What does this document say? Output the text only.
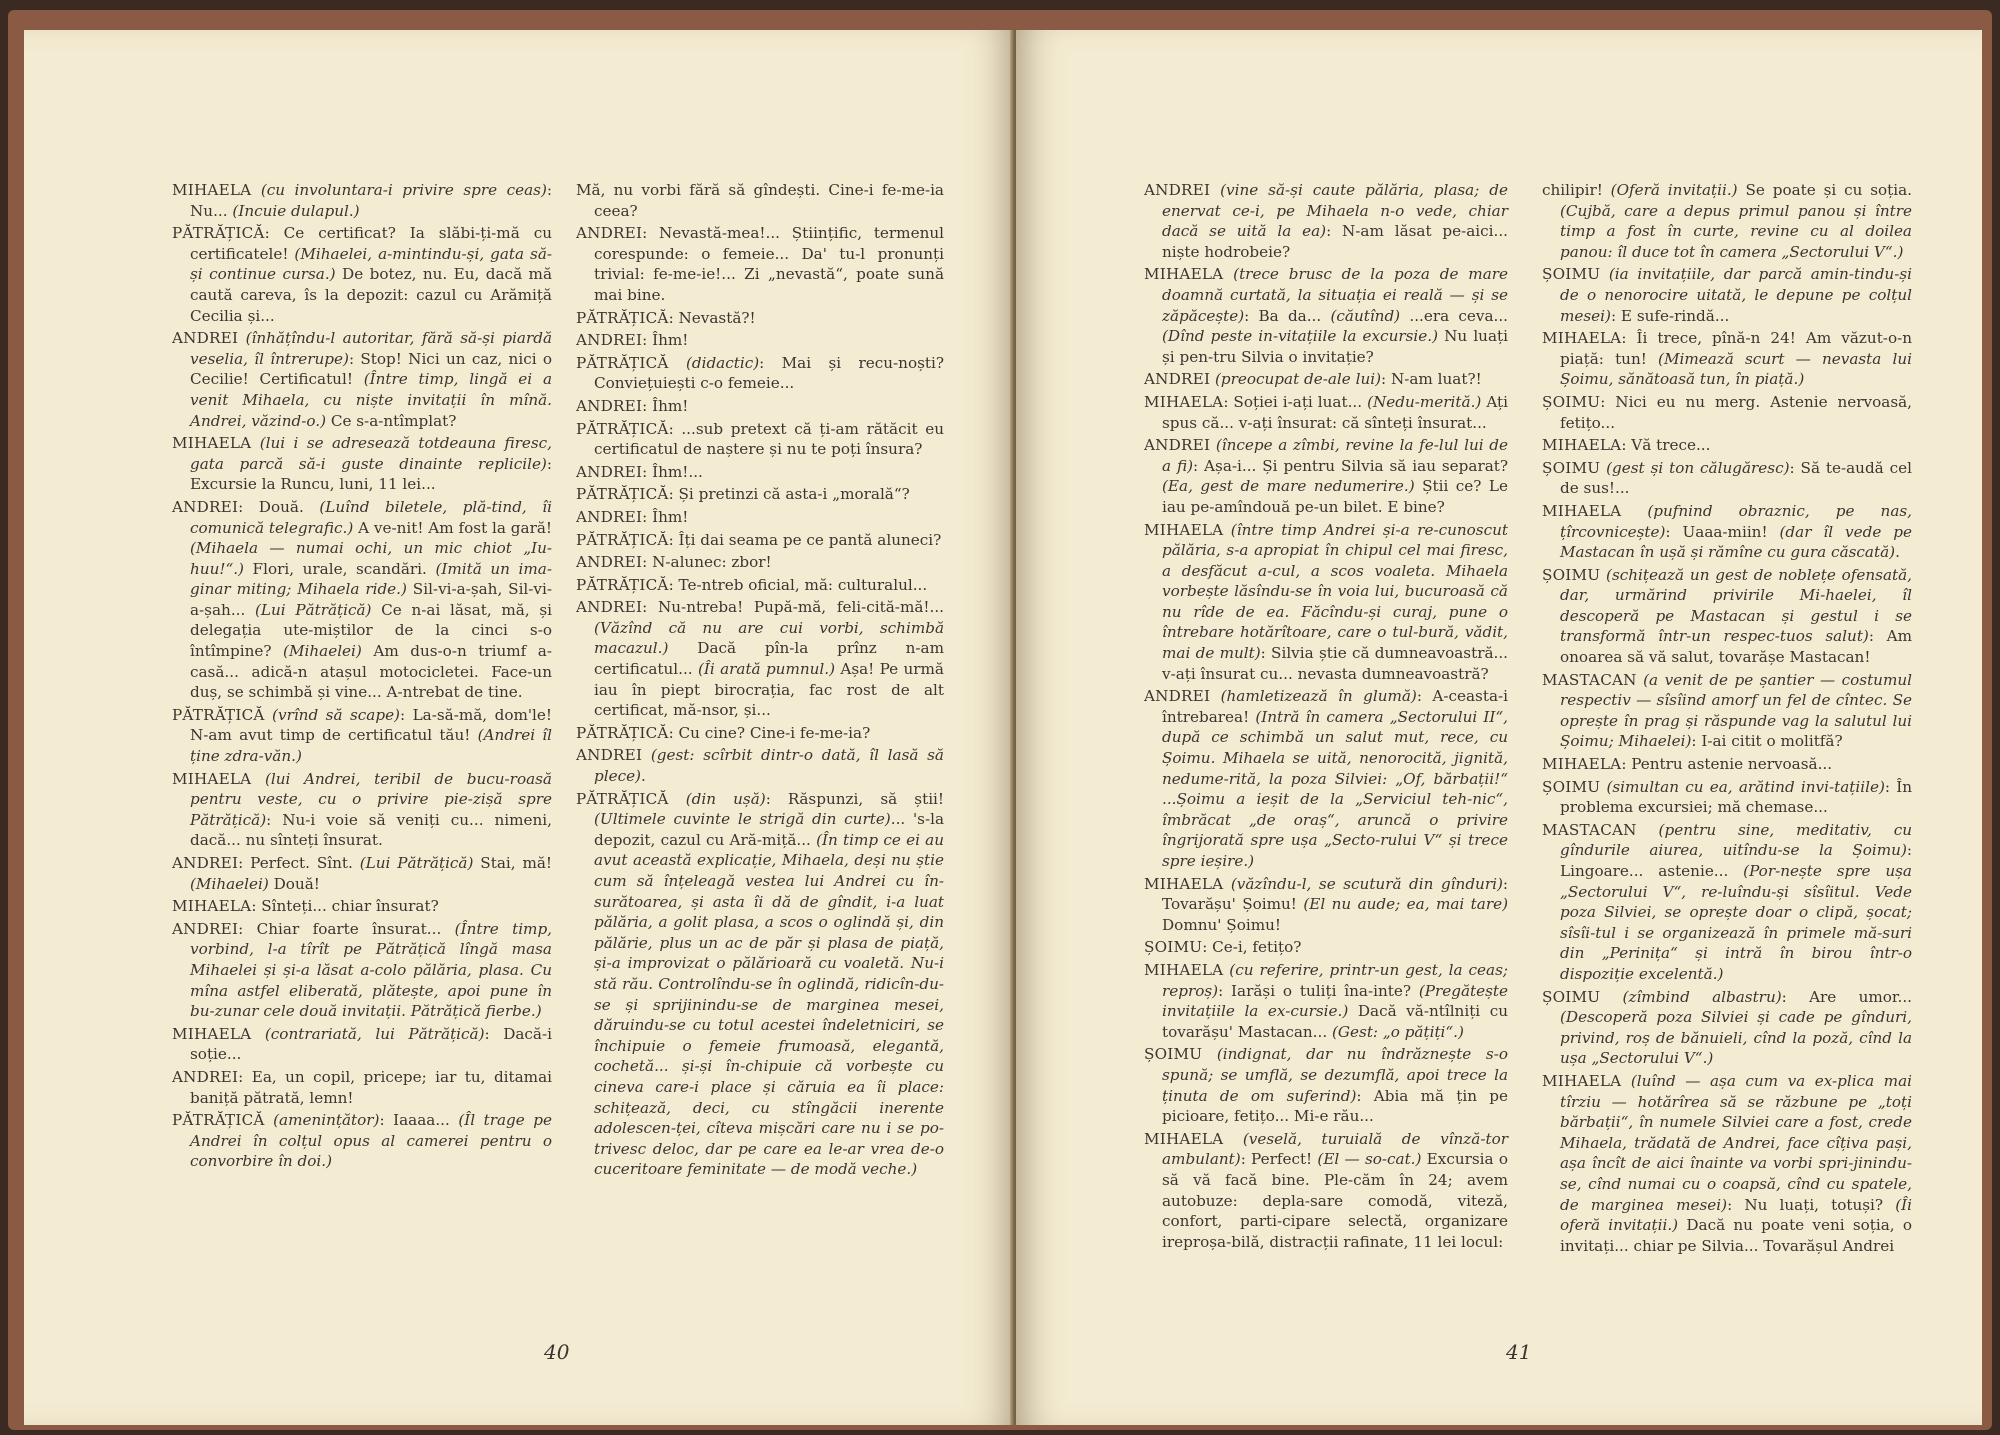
MIHAELA (cu involuntara-i privire spre ceas): Nu... (Incuie dulapul.)
PĂTRĂȚICĂ: Ce certificat? Ia slăbi-ți-mă cu certificatele! (Mihaelei, a-mintindu-și, gata să-și continue cursa.) De botez, nu. Eu, dacă mă caută careva, îs la depozit: cazul cu Arămiță Cecilia și...
ANDREI (înhățîndu-l autoritar, fără să-și piardă veselia, îl întrerupe): Stop! Nici un caz, nici o Cecilie! Certificatul! (Între timp, lingă ei a venit Mihaela, cu niște invitații în mînă. Andrei, văzind-o.) Ce s-a-ntîmplat?
MIHAELA (lui i se adresează totdeauna firesc, gata parcă să-i guste dinainte replicile): Excursie la Runcu, luni, 11 lei...
ANDREI: Două. (Luînd biletele, plă-tind, îi comunică telegrafic.) A ve-nit! Am fost la gară! (Mihaela — numai ochi, un mic chiot „Iu-huu!“.) Flori, urale, scandări. (Imită un ima-ginar miting; Mihaela ride.) Sil-vi-a-șah, Sil-vi-a-șah... (Lui Pătrățică) Ce n-ai lăsat, mă, și delegația ute-miștilor de la cinci s-o întîmpine? (Mihaelei) Am dus-o-n triumf a-casă... adică-n atașul motocicletei. Face-un duș, se schimbă și vine... A-ntrebat de tine.
PĂTRĂȚICĂ (vrînd să scape): La-să-mă, dom'le! N-am avut timp de certificatul tău! (Andrei îl ține zdra-văn.)
MIHAELA (lui Andrei, teribil de bucu-roasă pentru veste, cu o privire pie-zișă spre Pătrățică): Nu-i voie să veniți cu... nimeni, dacă... nu sînteți însurat.
ANDREI: Perfect. Sînt. (Lui Pătrățică) Stai, mă! (Mihaelei) Două!
MIHAELA: Sînteți... chiar însurat?
ANDREI: Chiar foarte însurat... (Între timp, vorbind, l-a tîrît pe Pătrățică lîngă masa Mihaelei și și-a lăsat a-colo pălăria, plasa. Cu mîna astfel eliberată, plătește, apoi pune în bu-zunar cele două invitații. Pătrățică fierbe.)
MIHAELA (contrariată, lui Pătrățică): Dacă-i soție...
ANDREI: Ea, un copil, pricepe; iar tu, ditamai baniță pătrată, lemn!
PĂTRĂȚICĂ (amenințător): Iaaaa... (Îl trage pe Andrei în colțul opus al camerei pentru o convorbire în doi.)
Mă, nu vorbi fără să gîndești. Cine-i fe-me-ia ceea?
ANDREI: Nevastă-mea!... Științific, termenul corespunde: o femeie... Da' tu-l pronunți trivial: fe-me-ie!... Zi „nevastă“, poate sună mai bine.
PĂTRĂȚICĂ: Nevastă?!
ANDREI: Îhm!
PĂTRĂȚICĂ (didactic): Mai și recu-noști? Conviețuiești c-o femeie...
ANDREI: Îhm!
PĂTRĂȚICĂ: ...sub pretext că ți-am rătăcit eu certificatul de naștere și nu te poți însura?
ANDREI: Îhm!...
PĂTRĂȚICĂ: Și pretinzi că asta-i „morală“?
ANDREI: Îhm!
PĂTRĂȚICĂ: Îți dai seama pe ce pantă aluneci?
ANDREI: N-alunec: zbor!
PĂTRĂȚICĂ: Te-ntreb oficial, mă: culturalul...
ANDREI: Nu-ntreba! Pupă-mă, feli-cită-mă!... (Văzînd că nu are cui vorbi, schimbă macazul.) Dacă pîn-la prînz n-am certificatul... (Îi arată pumnul.) Așa! Pe urmă iau în piept birocrația, fac rost de alt certificat, mă-nsor, și...
PĂTRĂȚICĂ: Cu cine? Cine-i fe-me-ia?
ANDREI (gest: scîrbit dintr-o dată, îl lasă să plece).
PĂTRĂȚICĂ (din ușă): Răspunzi, să știi! (Ultimele cuvinte le strigă din curte)... 's-la depozit, cazul cu Ară-miță... (În timp ce ei au avut această explicație, Mihaela, deși nu știe cum să înțeleagă vestea lui Andrei cu în-surătoarea, și asta îi dă de gîndit, i-a luat pălăria, a golit plasa, a scos o oglindă și, din pălărie, plus un ac de păr și plasa de piață, și-a improvizat o pălărioară cu voaletă. Nu-i stă rău. Controlîndu-se în oglindă, ridicîn-du-se și sprijinindu-se de marginea mesei, dăruindu-se cu totul acestei îndeletniciri, se închipuie o femeie frumoasă, elegantă, cochetă... și-și în-chipuie că vorbește cu cineva care-i place și căruia ea îi place: schițează, deci, cu stîngăcii inerente adolescen-ței, cîteva mișcări care nu i se po-trivesc deloc, dar pe care ea le-ar vrea de-o cuceritoare feminitate — de modă veche.)
40
ANDREI (vine să-și caute pălăria, plasa; de enervat ce-i, pe Mihaela n-o vede, chiar dacă se uită la ea): N-am lăsat pe-aici... niște hodrobeie?
MIHAELA (trece brusc de la poza de mare doamnă curtată, la situația ei reală — și se zăpăcește): Ba da... (căutînd) ...era ceva... (Dînd peste in-vitațiile la excursie.) Nu luați și pen-tru Silvia o invitație?
ANDREI (preocupat de-ale lui): N-am luat?!
MIHAELA: Soției i-ați luat... (Nedu-merită.) Ați spus că... v-ați însurat: că sînteți însurat...
ANDREI (începe a zîmbi, revine la fe-lul lui de a fi): Așa-i... Și pentru Silvia să iau separat? (Ea, gest de mare nedumerire.) Știi ce? Le iau pe-amîndouă pe-un bilet. E bine?
MIHAELA (între timp Andrei și-a re-cunoscut pălăria, s-a apropiat în chipul cel mai firesc, a desfăcut a-cul, a scos voaleta. Mihaela vorbește lăsîndu-se în voia lui, bucuroasă că nu rîde de ea. Făcîndu-și curaj, pune o întrebare hotărîtoare, care o tul-bură, vădit, mai de mult): Silvia știe că dumneavoastră... v-ați însurat cu... nevasta dumneavoastră?
ANDREI (hamletizează în glumă): A-ceasta-i întrebarea! (Intră în camera „Sectorului II“, după ce schimbă un salut mut, rece, cu Șoimu. Mihaela se uită, nenorocită, jignită, nedume-rită, la poza Silviei: „Of, bărbații!“ ...Șoimu a ieșit de la „Serviciul teh-nic“, îmbrăcat „de oraș“, aruncă o privire îngrijorată spre ușa „Secto-rului V“ și trece spre ieșire.)
MIHAELA (văzîndu-l, se scutură din gînduri): Tovarășu' Șoimu! (El nu aude; ea, mai tare) Domnu' Șoimu!
ȘOIMU: Ce-i, fetițo?
MIHAELA (cu referire, printr-un gest, la ceas; reproș): Iarăși o tuliți îna-inte? (Pregătește invitațiile la ex-cursie.) Dacă vă-ntîlniți cu tovarășu' Mastacan... (Gest: „o pățiți“.)
ȘOIMU (indignat, dar nu îndrăznește s-o spună; se umflă, se dezumflă, apoi trece la ținuta de om suferind): Abia mă țin pe picioare, fetițo... Mi-e rău...
MIHAELA (veselă, turuială de vînză-tor ambulant): Perfect! (El — so-cat.) Excursia o să vă facă bine. Ple-căm în 24; avem autobuze: depla-sare comodă, viteză, confort, parti-cipare selectă, organizare ireproșa-bilă, distracții rafinate, 11 lei locul:
chilipir! (Oferă invitații.) Se poate și cu soția. (Cujbă, care a depus primul panou și între timp a fost în curte, revine cu al doilea panou: îl duce tot în camera „Sectorului V“.)
ȘOIMU (ia invitațiile, dar parcă amin-tindu-și de o nenorocire uitată, le depune pe colțul mesei): E sufe-rindă...
MIHAELA: Îi trece, pînă-n 24! Am văzut-o-n piață: tun! (Mimează scurt — nevasta lui Șoimu, sănătoasă tun, în piață.)
ȘOIMU: Nici eu nu merg. Astenie nervoasă, fetițo...
MIHAELA: Vă trece...
ȘOIMU (gest și ton călugăresc): Să te-audă cel de sus!...
MIHAELA (pufnind obraznic, pe nas, țîrcovnicește): Uaaa-miin! (dar îl vede pe Mastacan în ușă și rămîne cu gura căscată).
ȘOIMU (schițează un gest de noblețe ofensată, dar, urmărind privirile Mi-haelei, îl descoperă pe Mastacan și gestul i se transformă într-un respec-tuos salut): Am onoarea să vă salut, tovarășe Mastacan!
MASTACAN (a venit de pe șantier — costumul respectiv — sîsîind amorf un fel de cîntec. Se oprește în prag și răspunde vag la salutul lui Șoimu; Mihaelei): I-ai citit o molitfă?
MIHAELA: Pentru astenie nervoasă...
ȘOIMU (simultan cu ea, arătind invi-tațiile): În problema excursiei; mă chemase...
MASTACAN (pentru sine, meditativ, cu gîndurile aiurea, uitîndu-se la Șoimu): Lingoare... astenie... (Por-nește spre ușa „Sectorului V“, re-luîndu-și sîsîitul. Vede poza Silviei, se oprește doar o clipă, șocat; sîsîi-tul i se organizează în primele mă-suri din „Perinița“ și intră în birou într-o dispoziție excelentă.)
ȘOIMU (zîmbind albastru): Are umor... (Descoperă poza Silviei și cade pe gînduri, privind, roș de bănuieli, cînd la poză, cînd la ușa „Sectorului V“.)
MIHAELA (luînd — așa cum va ex-plica mai tîrziu — hotărîrea să se răzbune pe „toți bărbații“, în numele Silviei care a fost, crede Mihaela, trădată de Andrei, face cîțiva pași, așa încît de aici înainte va vorbi spri-jinindu-se, cînd numai cu o coapsă, cînd cu spatele, de marginea mesei): Nu luați, totuși? (Îi oferă invitații.) Dacă nu poate veni soția, o invitați... chiar pe Silvia... Tovarășul Andrei
41
